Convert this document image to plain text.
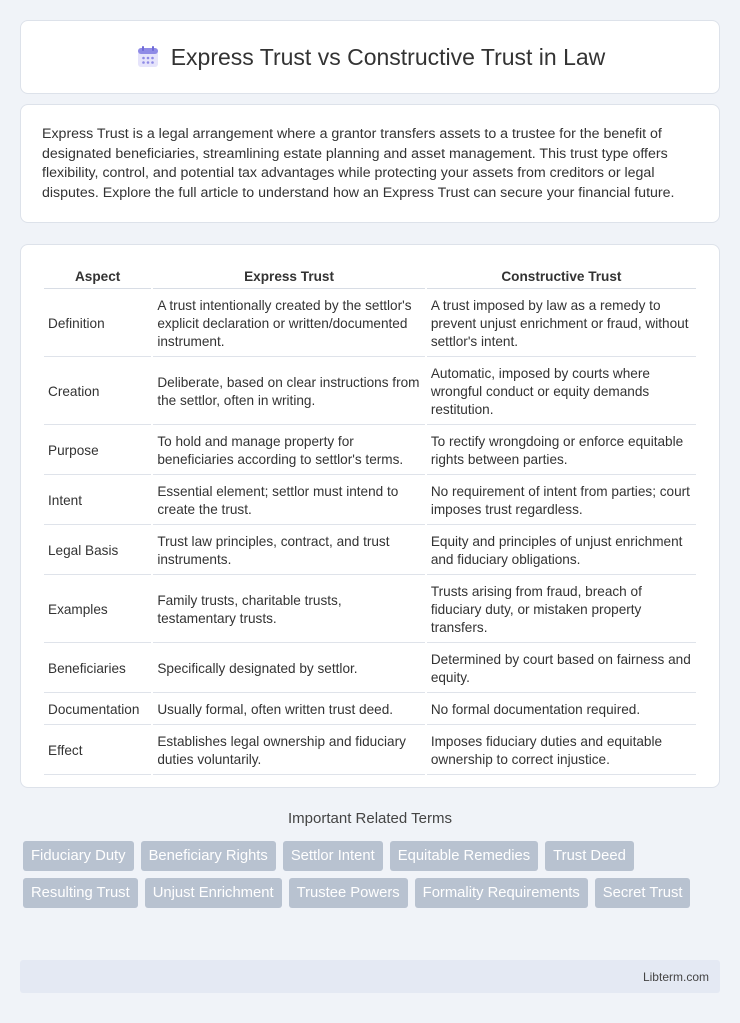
Express Trust vs Constructive Trust in Law

Express Trust is a legal arrangement where a grantor transfers assets to a trustee for the benefit of designated beneficiaries, streamlining estate planning and asset management. This trust type offers flexibility, control, and potential tax advantages while protecting your assets from creditors or legal disputes. Explore the full article to understand how an Express Trust can secure your financial future.

Aspect	Express Trust	Constructive Trust
Definition	A trust intentionally created by the settlor's explicit declaration or written/documented instrument.	A trust imposed by law as a remedy to prevent unjust enrichment or fraud, without settlor's intent.
Creation	Deliberate, based on clear instructions from the settlor, often in writing.	Automatic, imposed by courts where wrongful conduct or equity demands restitution.
Purpose	To hold and manage property for beneficiaries according to settlor's terms.	To rectify wrongdoing or enforce equitable rights between parties.
Intent	Essential element; settlor must intend to create the trust.	No requirement of intent from parties; court imposes trust regardless.
Legal Basis	Trust law principles, contract, and trust instruments.	Equity and principles of unjust enrichment and fiduciary obligations.
Examples	Family trusts, charitable trusts, testamentary trusts.	Trusts arising from fraud, breach of fiduciary duty, or mistaken property transfers.
Beneficiaries	Specifically designated by settlor.	Determined by court based on fairness and equity.
Documentation	Usually formal, often written trust deed.	No formal documentation required.
Effect	Establishes legal ownership and fiduciary duties voluntarily.	Imposes fiduciary duties and equitable ownership to correct injustice.
Important Related Terms
Fiduciary Duty	Beneficiary Rights	Settlor Intent	Equitable Remedies	Trust Deed
Resulting Trust	Unjust Enrichment	Trustee Powers	Formality Requirements	Secret Trust
Libterm.com
